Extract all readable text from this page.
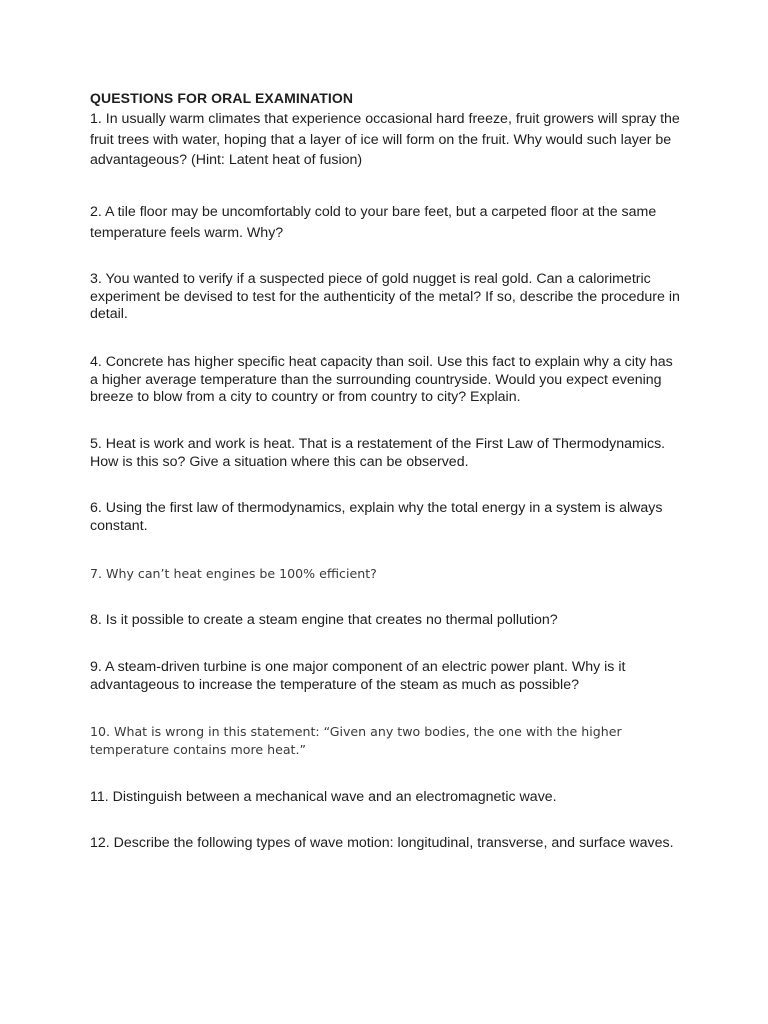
QUESTIONS FOR ORAL EXAMINATION

1. In usually warm climates that experience occasional hard freeze, fruit growers will spray the fruit trees with water, hoping that a layer of ice will form on the fruit. Why would such layer be advantageous? (Hint: Latent heat of fusion)

2. A tile floor may be uncomfortably cold to your bare feet, but a carpeted floor at the same temperature feels warm. Why?

3. You wanted to verify if a suspected piece of gold nugget is real gold. Can a calorimetric experiment be devised to test for the authenticity of the metal? If so, describe the procedure in detail.

4. Concrete has higher specific heat capacity than soil. Use this fact to explain why a city has a higher average temperature than the surrounding countryside. Would you expect evening breeze to blow from a city to country or from country to city? Explain.

5. Heat is work and work is heat. That is a restatement of the First Law of Thermodynamics. How is this so? Give a situation where this can be observed.

6. Using the first law of thermodynamics, explain why the total energy in a system is always constant.

7. Why can’t heat engines be 100% efficient?

8. Is it possible to create a steam engine that creates no thermal pollution?

9. A steam-driven turbine is one major component of an electric power plant. Why is it advantageous to increase the temperature of the steam as much as possible?

10. What is wrong in this statement: “Given any two bodies, the one with the higher temperature contains more heat.”

11. Distinguish between a mechanical wave and an electromagnetic wave.

12. Describe the following types of wave motion: longitudinal, transverse, and surface waves.
